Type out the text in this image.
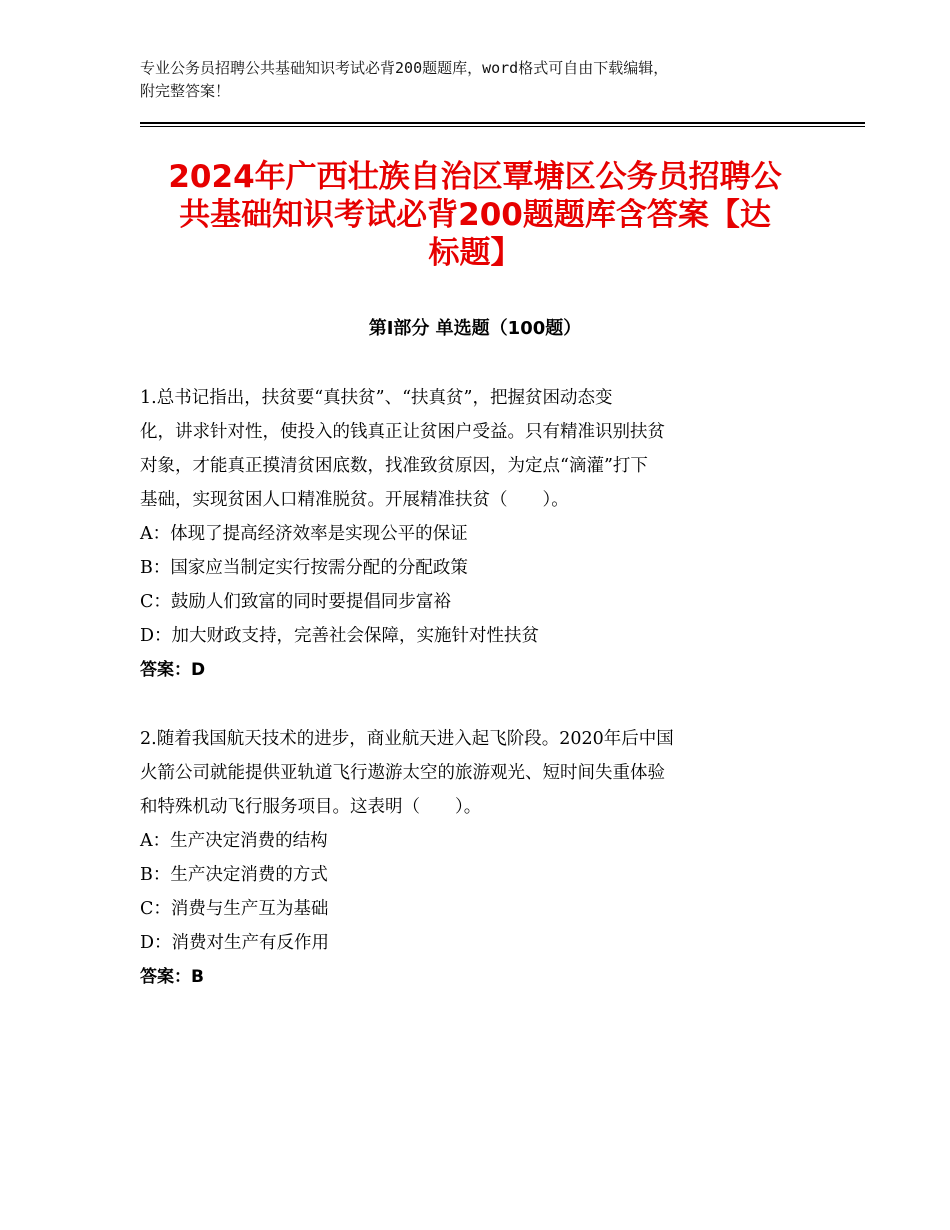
专业公务员招聘公共基础知识考试必背200题题库，word格式可自由下载编辑，
附完整答案！
2024年广西壮族自治区覃塘区公务员招聘公
共基础知识考试必背200题题库含答案【达
标题】
第Ⅰ部分 单选题（100题）
1.总书记指出，扶贫要“真扶贫”、“扶真贫”，把握贫困动态变
化，讲求针对性，使投入的钱真正让贫困户受益。只有精准识别扶贫
对象，才能真正摸清贫困底数，找准致贫原因，为定点“滴灌”打下
基础，实现贫困人口精准脱贫。开展精准扶贫（　　）。
A：体现了提高经济效率是实现公平的保证
B：国家应当制定实行按需分配的分配政策
C：鼓励人们致富的同时要提倡同步富裕
D：加大财政支持，完善社会保障，实施针对性扶贫
答案：D
2.随着我国航天技术的进步，商业航天进入起飞阶段。2020年后中国
火箭公司就能提供亚轨道飞行遨游太空的旅游观光、短时间失重体验
和特殊机动飞行服务项目。这表明（　　）。
A：生产决定消费的结构
B：生产决定消费的方式
C：消费与生产互为基础
D：消费对生产有反作用
答案：B
